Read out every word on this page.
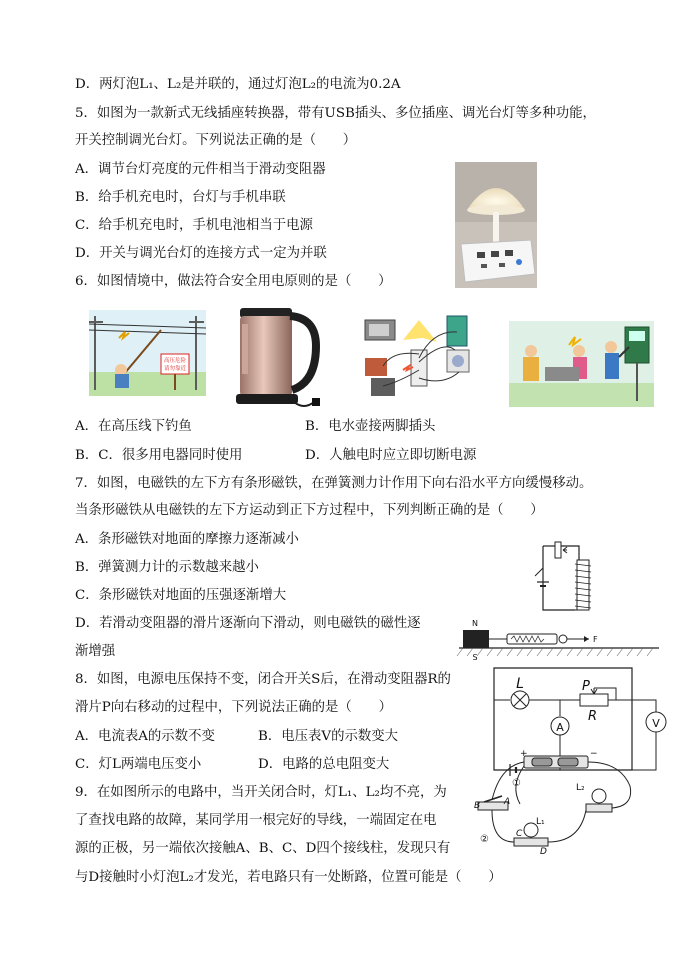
D．两灯泡L₁、L₂是并联的，通过灯泡L₂的电流为0.2A
5．如图为一款新式无线插座转换器，带有USB插头、多位插座、调光台灯等多种功能，
开关控制调光台灯。下列说法正确的是（　　）
A．调节台灯亮度的元件相当于滑动变阻器
B．给手机充电时，台灯与手机串联
C．给手机充电时，手机电池相当于电源
D．开关与调光台灯的连接方式一定为并联
6．如图情境中，做法符合安全用电原则的是（　　）
高压危险
请勿靠近
A．在高压线下钓鱼	B．电水壶接两脚插头
B．C．很多用电器同时使用	D．人触电时应立即切断电源
7．如图，电磁铁的左下方有条形磁铁，在弹簧测力计作用下向右沿水平方向缓慢移动。
当条形磁铁从电磁铁的左下方运动到正下方过程中，下列判断正确的是（　　）
A．条形磁铁对地面的摩擦力逐渐减小
B．弹簧测力计的示数越来越小
C．条形磁铁对地面的压强逐渐增大
D．若滑动变阻器的滑片逐渐向下滑动，则电磁铁的磁性逐
渐增强
N
S
F
8．如图，电源电压保持不变，闭合开关S后，在滑动变阻器R的
滑片P向右移动的过程中，下列说法正确的是（　　）
A．电流表A的示数不变	B．电压表V的示数变大
C．灯L两端电压变小	D．电路的总电阻变大
L	P
R
A	V
9．在如图所示的电路中，当开关闭合时，灯L₁、L₂均不亮，为
了查找电路的故障，某同学用一根完好的导线，一端固定在电
源的正极，另一端依次接触A、B、C、D四个接线柱，发现只有
与D接触时小灯泡L₂才发光，若电路只有一处断路，位置可能是（　　）
+	−
①
B	A
L₂
L₁
C
D
②
